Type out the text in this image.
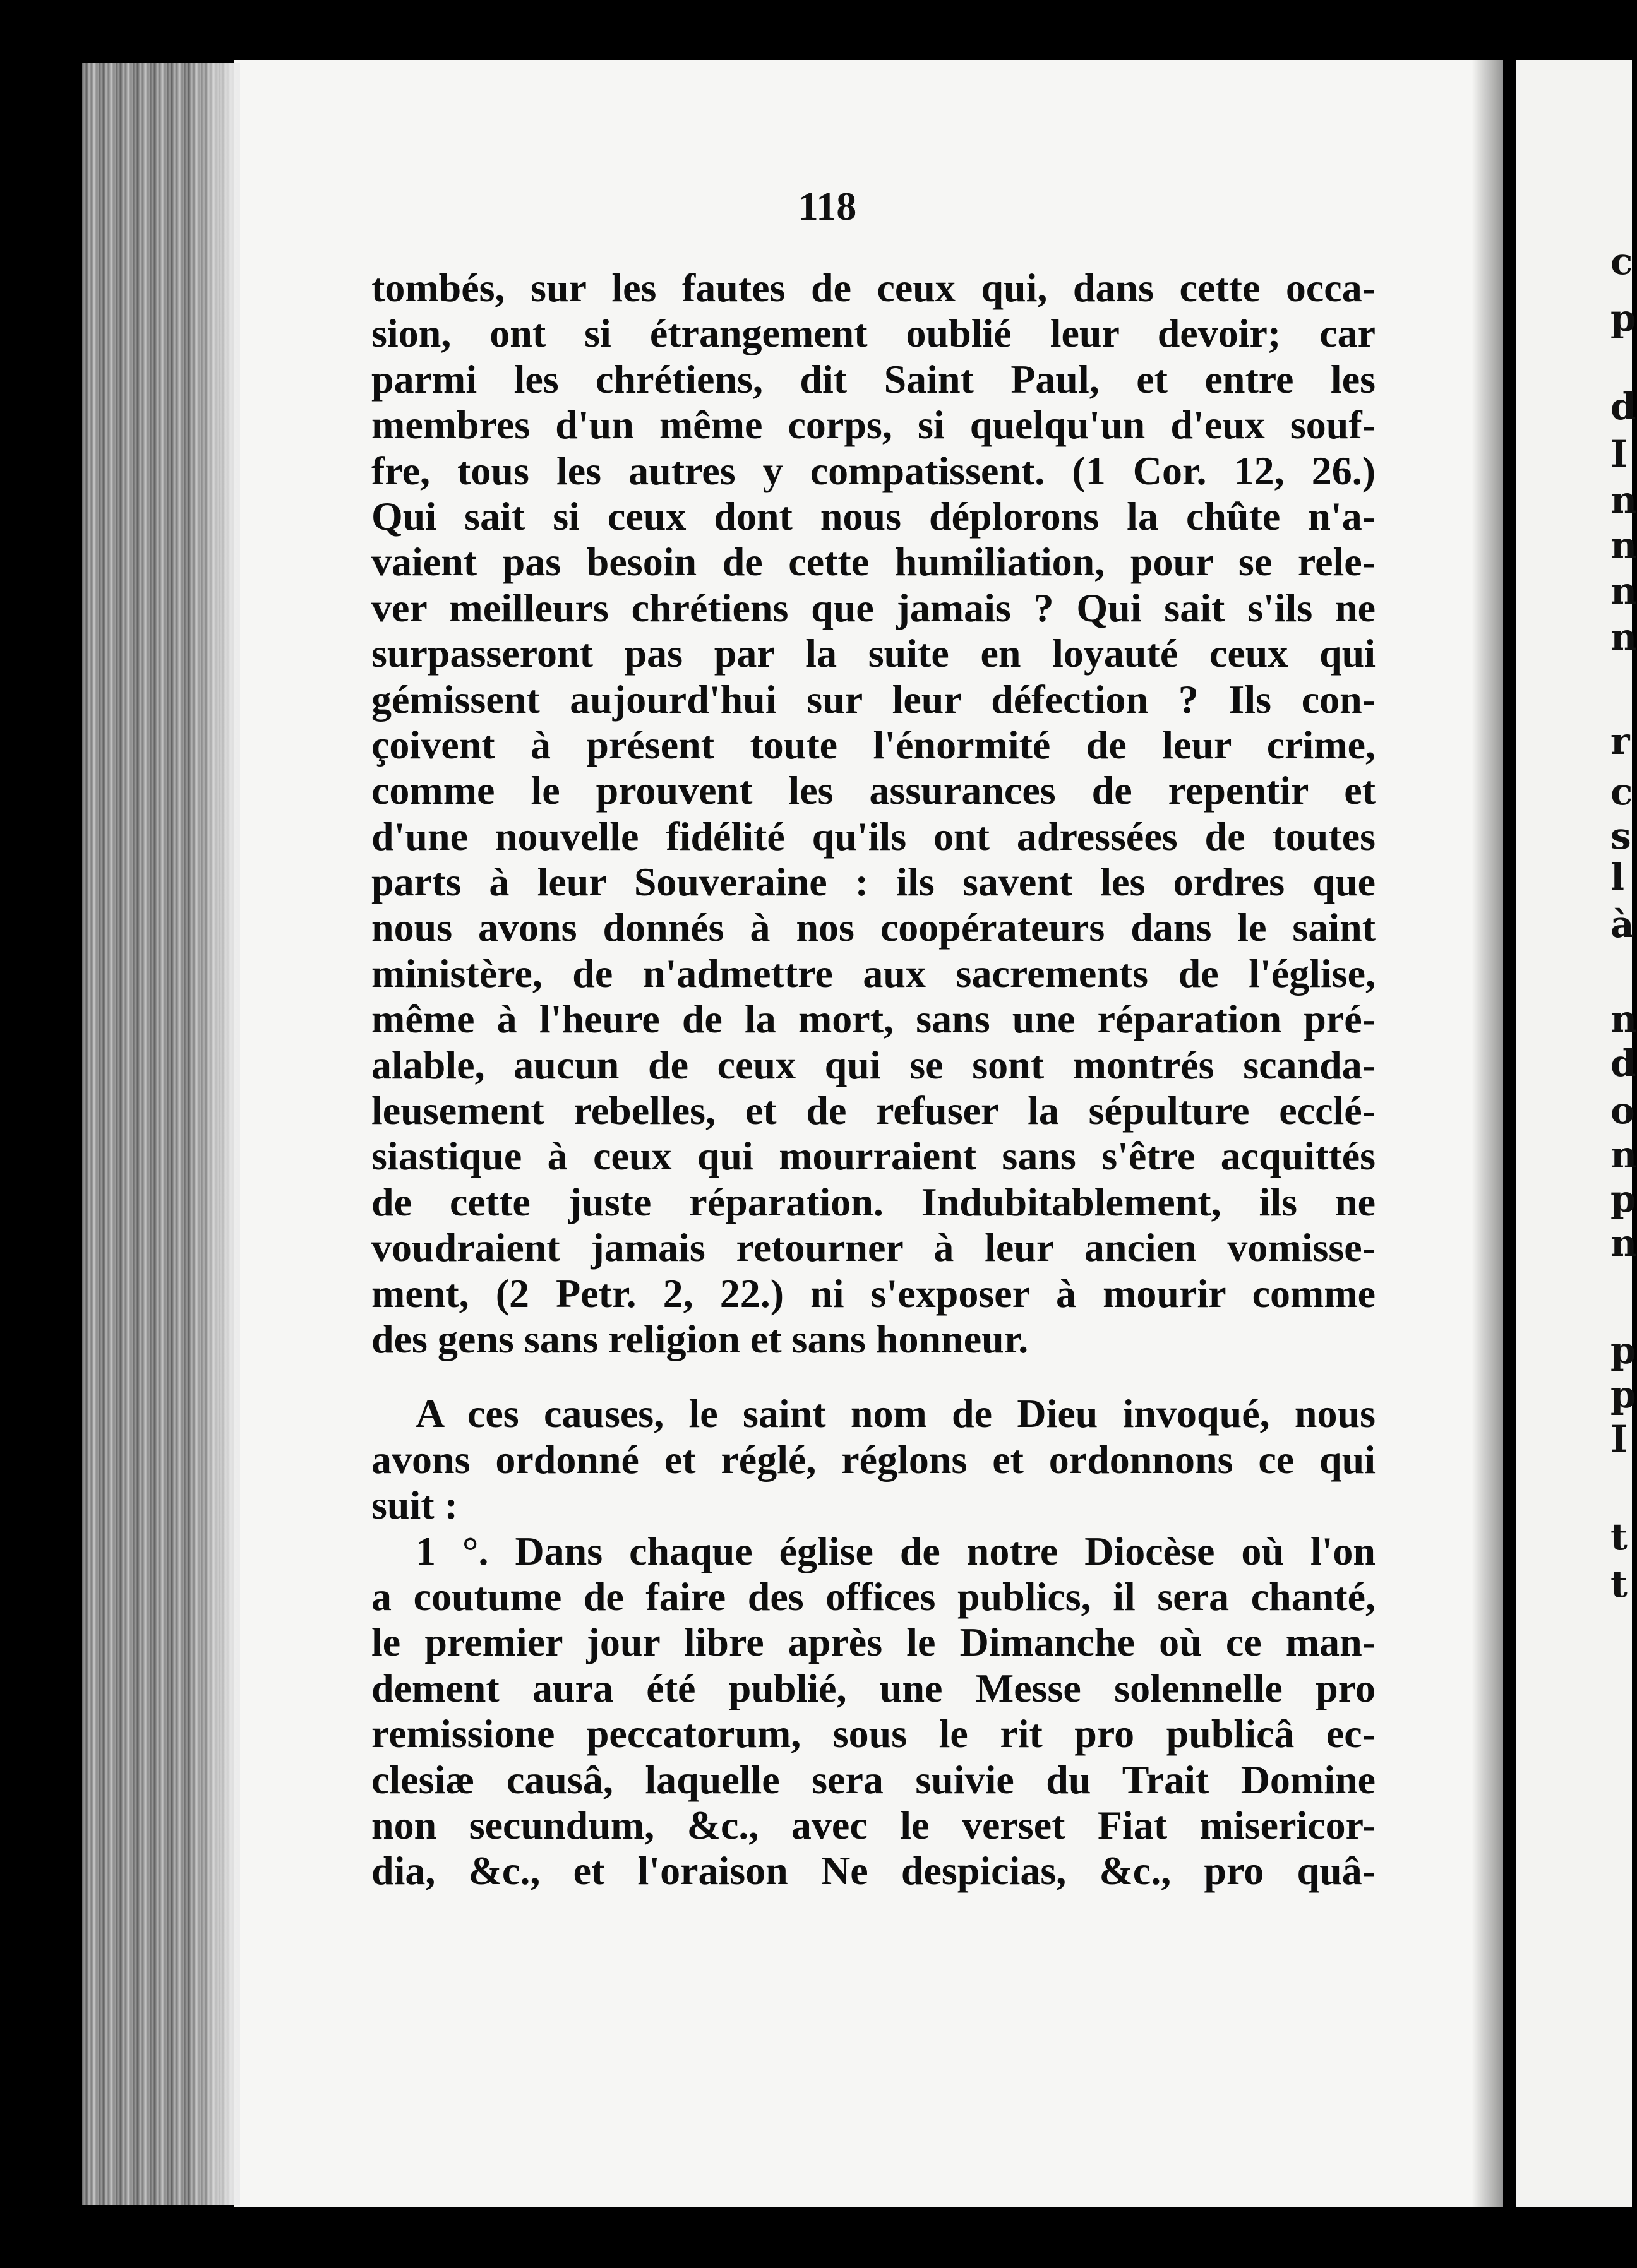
c
p
d
I
n
n
n
n
r
c
s
l
à
n
d
o
n
p
n
p
p
I
t
t
118
tombés, sur les fautes de ceux qui, dans cette occa-
sion, ont si étrangement oublié leur devoir; car
parmi les chrétiens, dit Saint Paul, et entre les
membres d'un même corps, si quelqu'un d'eux souf-
fre, tous les autres y compatissent. (1 Cor. 12, 26.)
Qui sait si ceux dont nous déplorons la chûte n'a-
vaient pas besoin de cette humiliation, pour se rele-
ver meilleurs chrétiens que jamais ? Qui sait s'ils ne
surpasseront pas par la suite en loyauté ceux qui
gémissent aujourd'hui sur leur défection ? Ils con-
çoivent à présent toute l'énormité de leur crime,
comme le prouvent les assurances de repentir et
d'une nouvelle fidélité qu'ils ont adressées de toutes
parts à leur Souveraine : ils savent les ordres que
nous avons donnés à nos coopérateurs dans le saint
ministère, de n'admettre aux sacrements de l'église,
même à l'heure de la mort, sans une réparation pré-
alable, aucun de ceux qui se sont montrés scanda-
leusement rebelles, et de refuser la sépulture ecclé-
siastique à ceux qui mourraient sans s'être acquittés
de cette juste réparation. Indubitablement, ils ne
voudraient jamais retourner à leur ancien vomisse-
ment, (2 Petr. 2, 22.) ni s'exposer à mourir comme
des gens sans religion et sans honneur.
A ces causes, le saint nom de Dieu invoqué, nous
avons ordonné et réglé, réglons et ordonnons ce qui
suit :
1 °. Dans chaque église de notre Diocèse où l'on
a coutume de faire des offices publics, il sera chanté,
le premier jour libre après le Dimanche où ce man-
dement aura été publié, une Messe solennelle pro
remissione peccatorum, sous le rit pro publicâ ec-
clesiæ causâ, laquelle sera suivie du Trait Domine
non secundum, &c., avec le verset Fiat misericor-
dia, &c., et l'oraison Ne despicias, &c., pro quâ-
